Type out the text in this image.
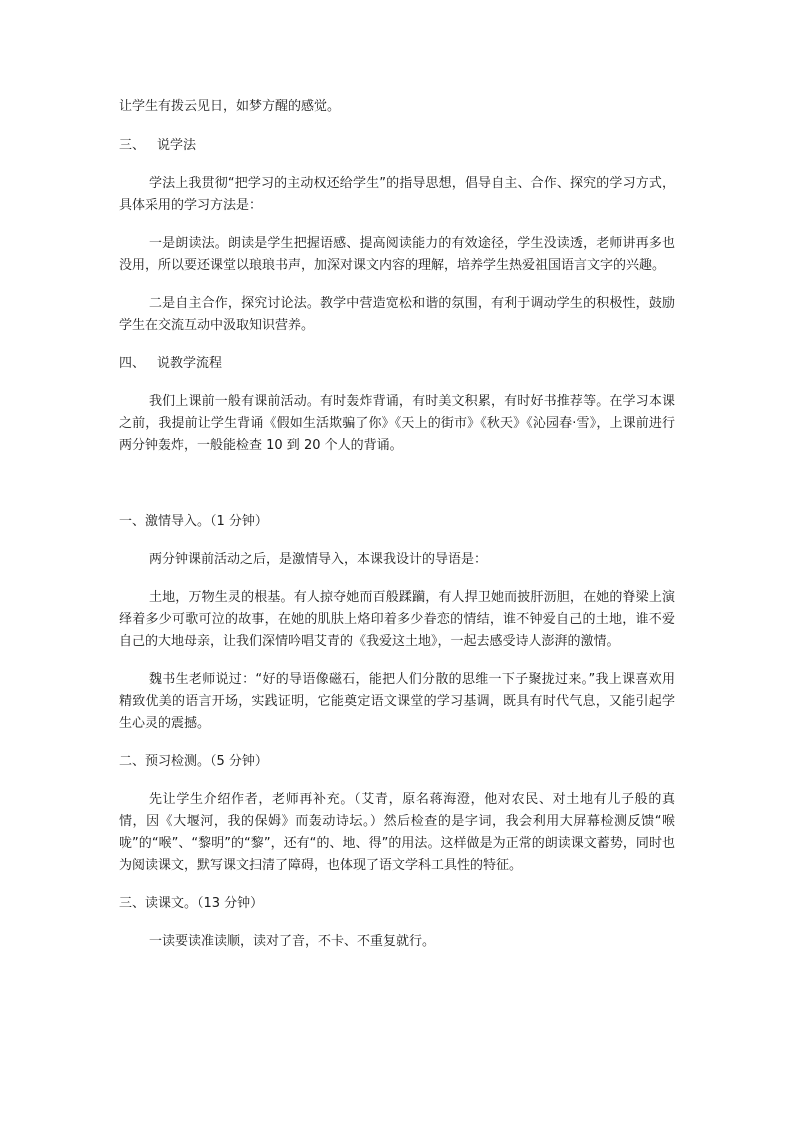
让学生有拨云见日，如梦方醒的感觉。

三、 说学法

学法上我贯彻“把学习的主动权还给学生”的指导思想，倡导自主、合作、探究的学习方式，具体采用的学习方法是：

一是朗读法。朗读是学生把握语感、提高阅读能力的有效途径，学生没读透，老师讲再多也没用，所以要还课堂以琅琅书声，加深对课文内容的理解，培养学生热爱祖国语言文字的兴趣。

二是自主合作，探究讨论法。教学中营造宽松和谐的氛围，有利于调动学生的积极性，鼓励学生在交流互动中汲取知识营养。

四、 说教学流程

我们上课前一般有课前活动。有时轰炸背诵，有时美文积累，有时好书推荐等。在学习本课之前，我提前让学生背诵《假如生活欺骗了你》《天上的街市》《秋天》《沁园春·雪》，上课前进行两分钟轰炸，一般能检查 10 到 20 个人的背诵。

一、激情导入。（1 分钟）

两分钟课前活动之后，是激情导入，本课我设计的导语是：

土地，万物生灵的根基。有人掠夺她而百般蹂躏，有人捍卫她而披肝沥胆，在她的脊梁上演绎着多少可歌可泣的故事，在她的肌肤上烙印着多少眷恋的情结，谁不钟爱自己的土地，谁不爱自己的大地母亲，让我们深情吟唱艾青的《我爱这土地》，一起去感受诗人澎湃的激情。

魏书生老师说过：“好的导语像磁石，能把人们分散的思维一下子聚拢过来。”我上课喜欢用精致优美的语言开场，实践证明，它能奠定语文课堂的学习基调，既具有时代气息，又能引起学生心灵的震撼。

二、预习检测。（5 分钟）

先让学生介绍作者，老师再补充。（艾青，原名蒋海澄，他对农民、对土地有儿子般的真情，因《大堰河，我的保姆》而轰动诗坛。）然后检查的是字词，我会利用大屏幕检测反馈“喉咙”的“喉”、“黎明”的“黎”，还有“的、地、得”的用法。这样做是为正常的朗读课文蓄势，同时也为阅读课文，默写课文扫清了障碍，也体现了语文学科工具性的特征。

三、读课文。（13 分钟）

一读要读准读顺，读对了音，不卡、不重复就行。
